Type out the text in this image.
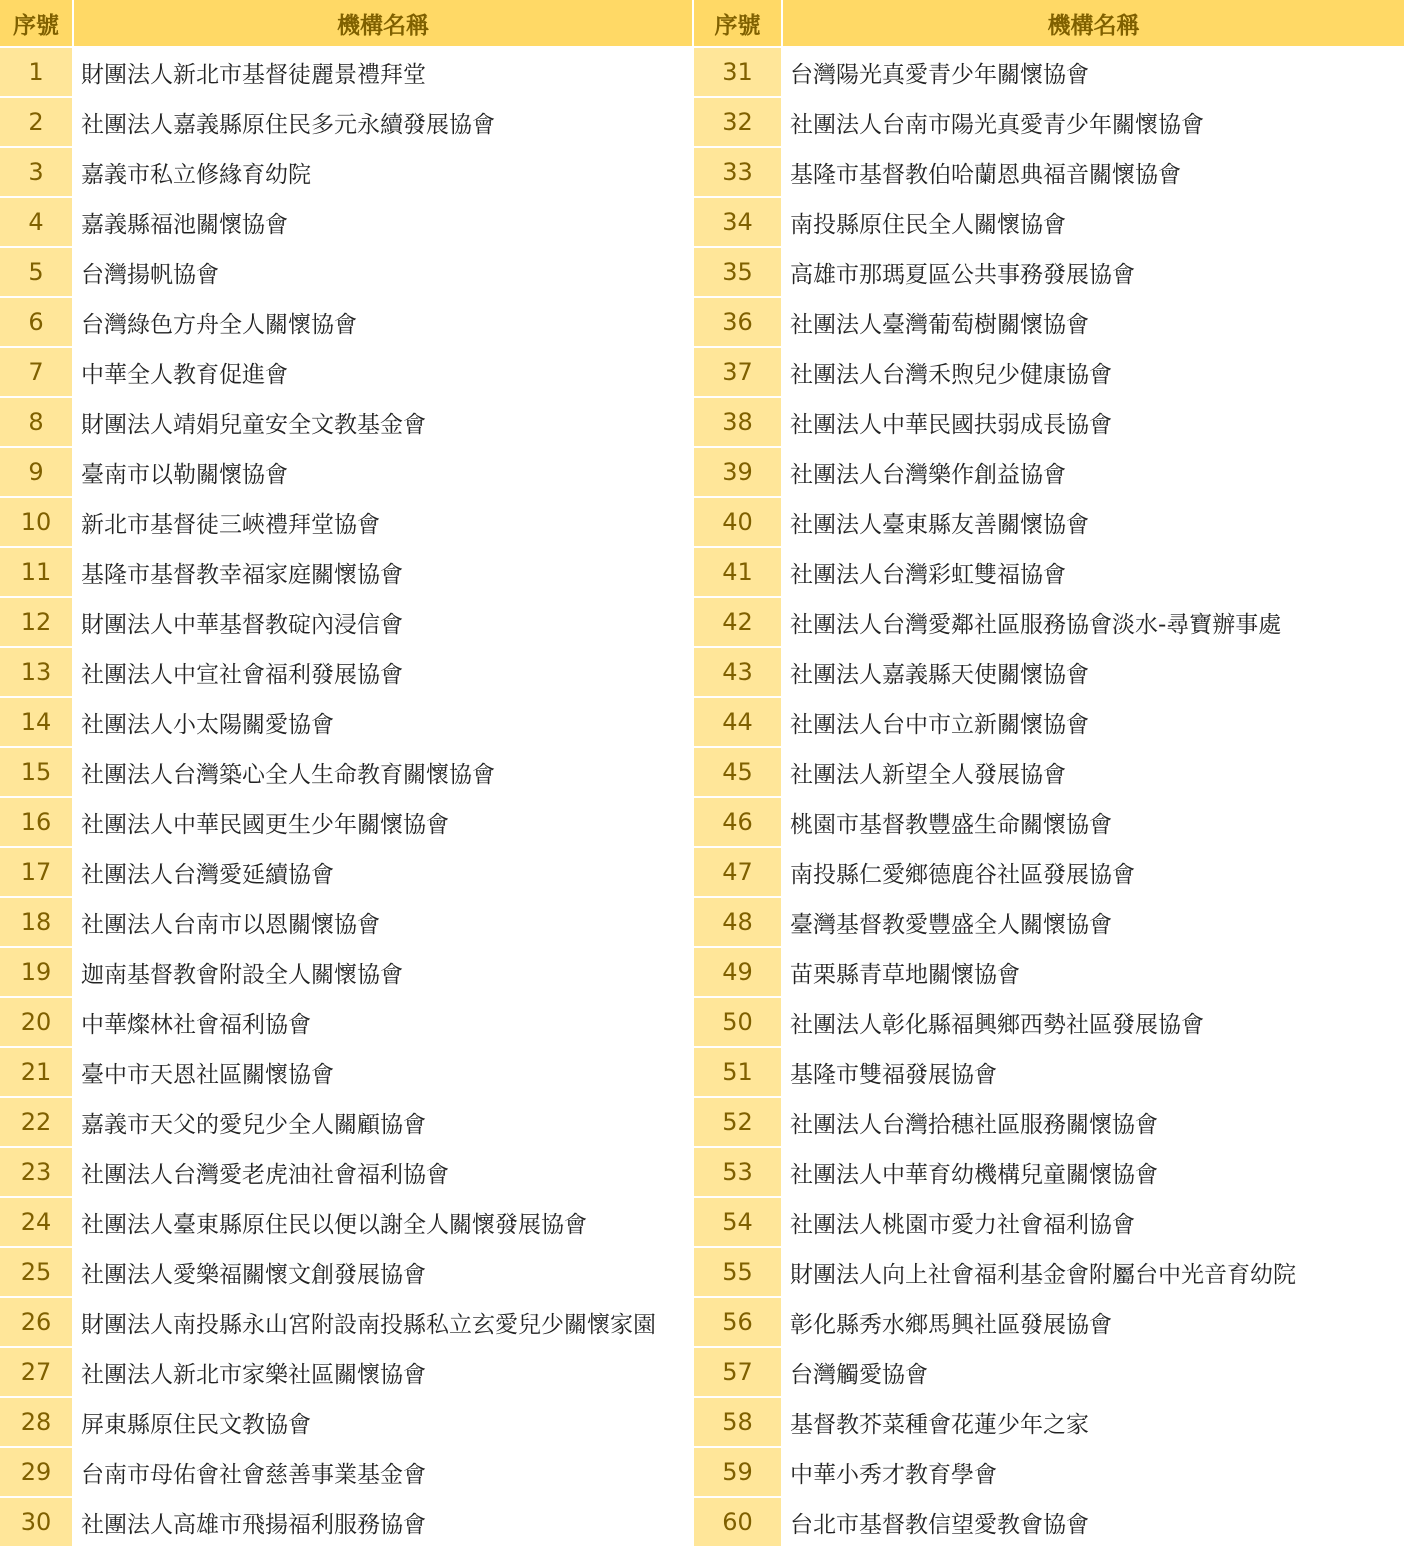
序號	機構名稱	序號	機構名稱
1	財團法人新北市基督徒麗景禮拜堂	31	台灣陽光真愛青少年關懷協會
2	社團法人嘉義縣原住民多元永續發展協會	32	社團法人台南市陽光真愛青少年關懷協會
3	嘉義市私立修緣育幼院	33	基隆市基督教伯哈蘭恩典福音關懷協會
4	嘉義縣福池關懷協會	34	南投縣原住民全人關懷協會
5	台灣揚帆協會	35	高雄市那瑪夏區公共事務發展協會
6	台灣綠色方舟全人關懷協會	36	社團法人臺灣葡萄樹關懷協會
7	中華全人教育促進會	37	社團法人台灣禾煦兒少健康協會
8	財團法人靖娟兒童安全文教基金會	38	社團法人中華民國扶弱成長協會
9	臺南市以勒關懷協會	39	社團法人台灣樂作創益協會
10	新北市基督徒三峽禮拜堂協會	40	社團法人臺東縣友善關懷協會
11	基隆市基督教幸福家庭關懷協會	41	社團法人台灣彩虹雙福協會
12	財團法人中華基督教碇內浸信會	42	社團法人台灣愛鄰社區服務協會淡水-尋寶辦事處
13	社團法人中宣社會福利發展協會	43	社團法人嘉義縣天使關懷協會
14	社團法人小太陽關愛協會	44	社團法人台中市立新關懷協會
15	社團法人台灣築心全人生命教育關懷協會	45	社團法人新望全人發展協會
16	社團法人中華民國更生少年關懷協會	46	桃園市基督教豐盛生命關懷協會
17	社團法人台灣愛延續協會	47	南投縣仁愛鄉德鹿谷社區發展協會
18	社團法人台南市以恩關懷協會	48	臺灣基督教愛豐盛全人關懷協會
19	迦南基督教會附設全人關懷協會	49	苗栗縣青草地關懷協會
20	中華燦林社會福利協會	50	社團法人彰化縣福興鄉西勢社區發展協會
21	臺中市天恩社區關懷協會	51	基隆市雙福發展協會
22	嘉義市天父的愛兒少全人關顧協會	52	社團法人台灣拾穗社區服務關懷協會
23	社團法人台灣愛老虎油社會福利協會	53	社團法人中華育幼機構兒童關懷協會
24	社團法人臺東縣原住民以便以謝全人關懷發展協會	54	社團法人桃園市愛力社會福利協會
25	社團法人愛樂福關懷文創發展協會	55	財團法人向上社會福利基金會附屬台中光音育幼院
26	財團法人南投縣永山宮附設南投縣私立玄愛兒少關懷家園	56	彰化縣秀水鄉馬興社區發展協會
27	社團法人新北市家樂社區關懷協會	57	台灣觸愛協會
28	屏東縣原住民文教協會	58	基督教芥菜種會花蓮少年之家
29	台南市母佑會社會慈善事業基金會	59	中華小秀才教育學會
30	社團法人高雄市飛揚福利服務協會	60	台北市基督教信望愛教會協會
